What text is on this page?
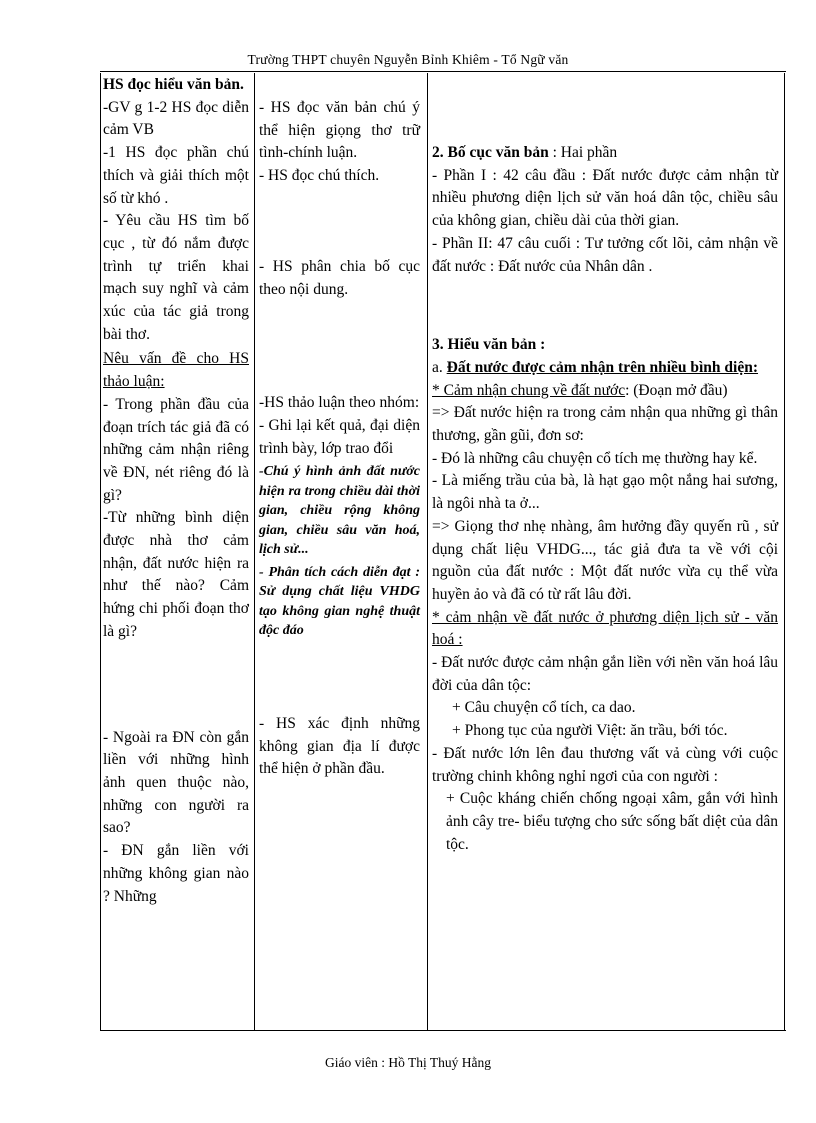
Trường THPT chuyên Nguyễn Bỉnh Khiêm - Tổ Ngữ văn

HS đọc hiểu văn bản.

-GV g 1-2 HS đọc diễn cảm VB

-1 HS đọc phần chú thích và giải thích một số từ khó .

- Yêu cầu HS tìm bố cục , từ đó nắm được trình tự triển khai mạch suy nghĩ và cảm xúc của tác giả trong bài thơ.

Nêu vấn đề cho HS thảo luận:

- Trong phần đầu của đoạn trích tác giả đã có những cảm nhận riêng về ĐN, nét riêng đó là gì?

-Từ những bình diện được nhà thơ cảm nhận, đất nước hiện ra như thế nào? Cảm hứng chi phối đoạn thơ là gì?

- Ngoài ra ĐN còn gắn liền với những hình ảnh quen thuộc nào, những con người ra sao?

- ĐN gắn liền với những không gian nào ? Những

- HS đọc văn bản chú ý thể hiện giọng thơ trữ tình-chính luận.

- HS đọc chú thích.

- HS phân chia bố cục theo nội dung.

-HS thảo luận theo nhóm:

- Ghi lại kết quả, đại diện trình bày, lớp trao đổi

-Chú ý hình ảnh đất nước hiện ra trong chiều dài thời gian, chiều rộng không gian, chiều sâu văn hoá, lịch sử...

- Phân tích cách diễn đạt : Sử dụng chất liệu VHDG tạo không gian nghệ thuật độc đáo

- HS xác định những không gian địa lí được thể hiện ở phần đầu.

2. Bố cục văn bản : Hai phần

- Phần I : 42 câu đầu : Đất nước được cảm nhận từ nhiều phương diện lịch sử văn hoá dân tộc, chiều sâu của không gian, chiều dài của thời gian.

- Phần II: 47 câu cuối : Tư tưởng cốt lõi, cảm nhận về đất nước : Đất nước của Nhân dân .

3. Hiểu văn bản :

a. Đất nước được cảm nhận trên nhiều bình diện:

* Cảm nhận chung về đất nước: (Đoạn mở đầu)

=> Đất nước hiện ra trong cảm nhận qua những gì thân thương, gần gũi, đơn sơ:

- Đó là những câu chuyện cổ tích mẹ thường hay kể.

- Là miếng trầu của bà, là hạt gạo một nắng hai sương, là ngôi nhà ta ở...

=> Giọng thơ nhẹ nhàng, âm hưởng đầy quyến rũ , sử dụng chất liệu VHDG..., tác giả đưa ta về với cội nguồn của đất nước : Một đất nước vừa cụ thể vừa huyền ảo và đã có từ rất lâu đời.

* cảm nhận về đất nước ở phương diện lịch sử - văn hoá :

- Đất nước được cảm nhận gắn liền với nền văn hoá lâu đời của dân tộc:

+ Câu chuyện cổ tích, ca dao.

+ Phong tục của người Việt: ăn trầu, bới tóc.

- Đất nước lớn lên đau thương vất vả cùng với cuộc trường chinh không nghỉ ngơi của con người :

+ Cuộc kháng chiến chống ngoại xâm, gắn với hình ảnh cây tre- biểu tượng cho sức sống bất diệt của dân tộc.

Giáo viên : Hồ Thị Thuý Hằng
